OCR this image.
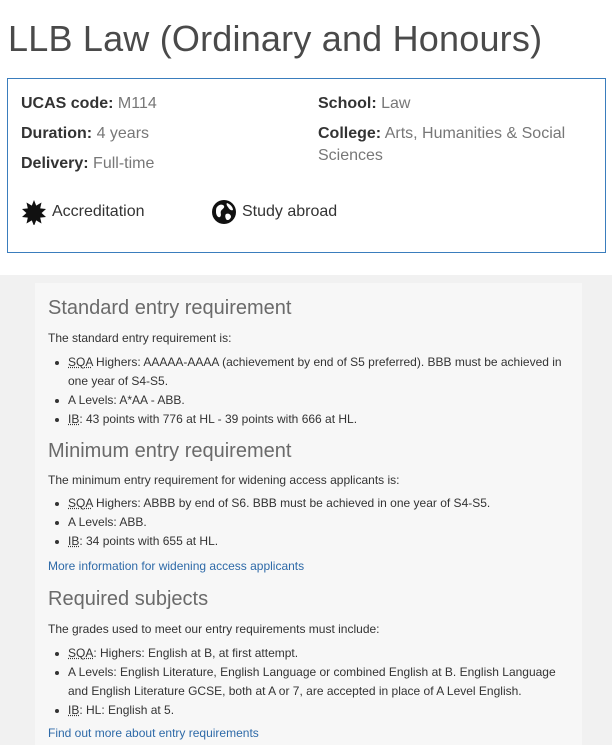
LLB Law (Ordinary and Honours)
UCAS code: M114
Duration: 4 years
Delivery: Full-time
School: Law
College: Arts, Humanities & Social
Sciences
Accreditation	Study abroad
Standard entry requirement

The standard entry requirement is:

SQA Highers: AAAAA-AAAA (achievement by end of S5 preferred). BBB must be achieved in one year of S4-S5.
A Levels: A*AA - ABB.
IB: 43 points with 776 at HL - 39 points with 666 at HL.
Minimum entry requirement

The minimum entry requirement for widening access applicants is:

SQA Highers: ABBB by end of S6. BBB must be achieved in one year of S4-S5.
A Levels: ABB.
IB: 34 points with 655 at HL.
More information for widening access applicants
Required subjects

The grades used to meet our entry requirements must include:

SQA: Highers: English at B, at first attempt.
A Levels: English Literature, English Language or combined English at B. English Language and English Literature GCSE, both at A or 7, are accepted in place of A Level English.
IB: HL: English at 5.
Find out more about entry requirements
